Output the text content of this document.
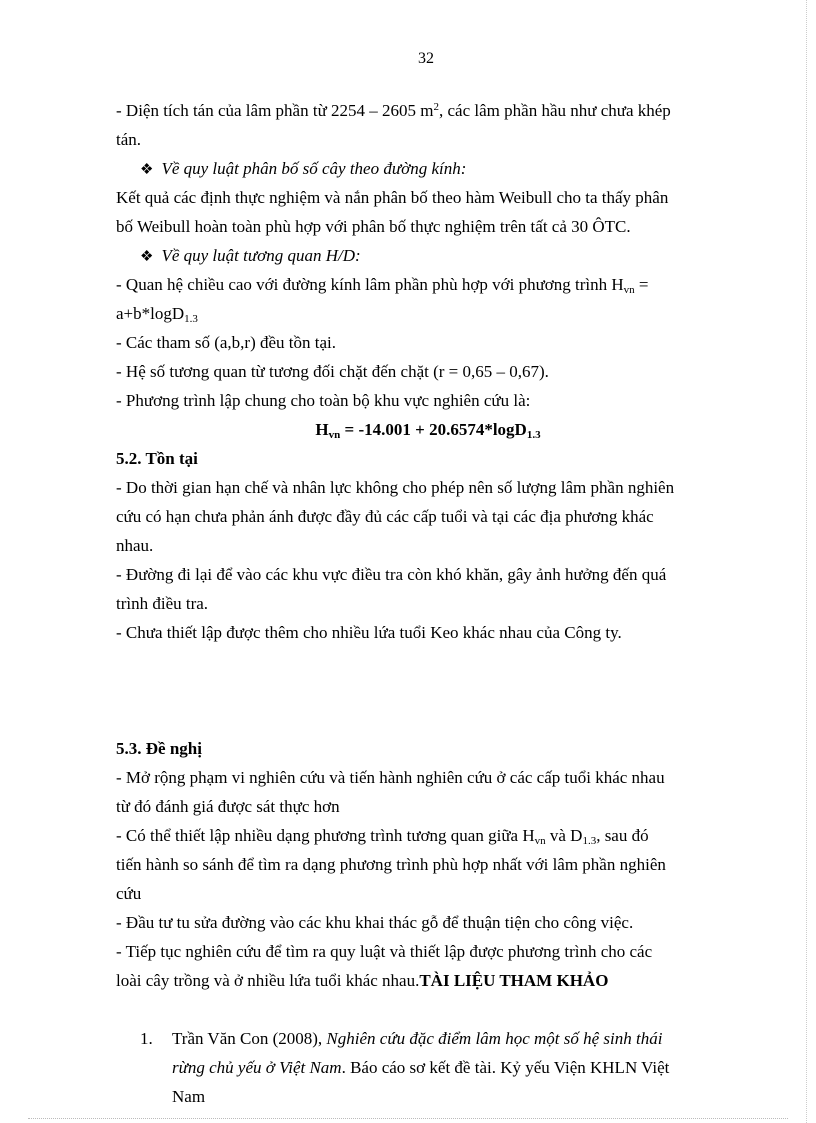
32
- Diện tích tán của lâm phần từ 2254 – 2605 $m^2$, các lâm phần hầu như chưa khép
tán.
❖ Về quy luật phân bố số cây theo đường kính:
Kết quả các định thực nghiệm và nắn phân bố theo hàm Weibull cho ta thấy phân
bố Weibull hoàn toàn phù hợp với phân bố thực nghiệm trên tất cả 30 ÔTC.
❖ Về quy luật tương quan H/D:
- Quan hệ chiều cao với đường kính lâm phần phù hợp với phương trình $H_{vn}$ =
a+b*logD$_{1.3}$
- Các tham số (a,b,r) đều tồn tại.
- Hệ số tương quan từ tương đối chặt đến chặt (r = 0,65 – 0,67).
- Phương trình lập chung cho toàn bộ khu vực nghiên cứu là:
$H_{vn} = -14.001 + 20.6574*\log D_{1.3}$
5.2. Tồn tại
- Do thời gian hạn chế và nhân lực không cho phép nên số lượng lâm phần nghiên
cứu có hạn chưa phản ánh được đầy đủ các cấp tuổi và tại các địa phương khác
nhau.
- Đường đi lại để vào các khu vực điều tra còn khó khăn, gây ảnh hưởng đến quá
trình điều tra.
- Chưa thiết lập được thêm cho nhiều lứa tuổi Keo khác nhau của Công ty.
5.3. Đề nghị
- Mở rộng phạm vi nghiên cứu và tiến hành nghiên cứu ở các cấp tuổi khác nhau
từ đó đánh giá được sát thực hơn
- Có thể thiết lập nhiều dạng phương trình tương quan giữa $H_{vn}$ và $D_{1.3}$, sau đó
tiến hành so sánh để tìm ra dạng phương trình phù hợp nhất với lâm phần nghiên
cứu
- Đầu tư tu sửa đường vào các khu khai thác gỗ để thuận tiện cho công việc.
- Tiếp tục nghiên cứu để tìm ra quy luật và thiết lập được phương trình cho các
loài cây trồng và ở nhiều lứa tuổi khác nhau.TÀI LIỆU THAM KHẢO
1. Trần Văn Con (2008), Nghiên cứu đặc điểm lâm học một số hệ sinh thái
rừng chủ yếu ở Việt Nam. Báo cáo sơ kết đề tài. Kỷ yếu Viện KHLN Việt
Nam
